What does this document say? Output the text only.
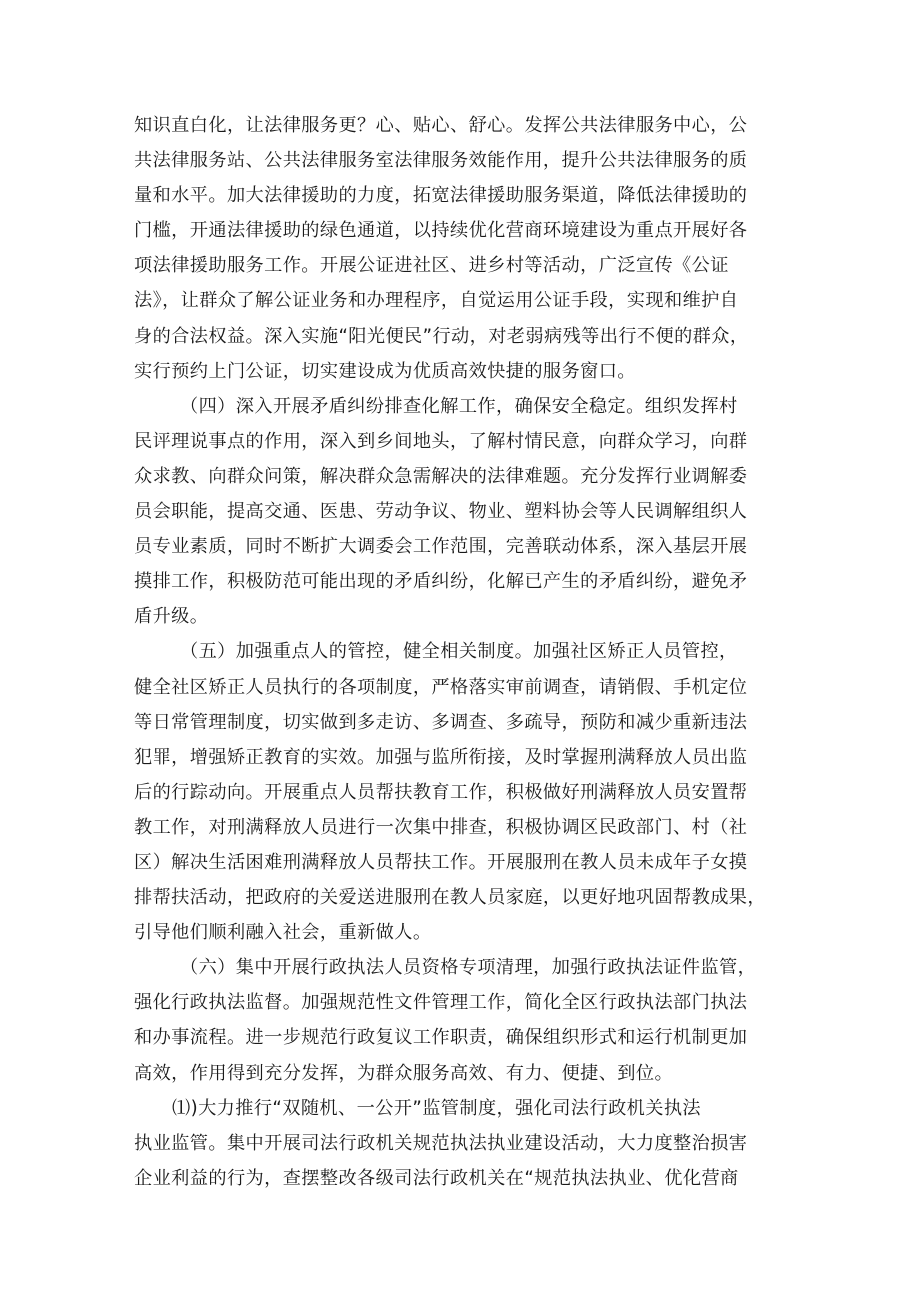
知识直白化，让法律服务更？心、贴心、舒心。发挥公共法律服务中心，公
共法律服务站、公共法律服务室法律服务效能作用，提升公共法律服务的质
量和水平。加大法律援助的力度，拓宽法律援助服务渠道，降低法律援助的
门槛，开通法律援助的绿色通道，以持续优化营商环境建设为重点开展好各
项法律援助服务工作。开展公证进社区、进乡村等活动，广泛宣传《公证
法》，让群众了解公证业务和办理程序，自觉运用公证手段，实现和维护自
身的合法权益。深入实施“阳光便民”行动，对老弱病残等出行不便的群众，
实行预约上门公证，切实建设成为优质高效快捷的服务窗口。
（四）深入开展矛盾纠纷排查化解工作，确保安全稳定。组织发挥村
民评理说事点的作用，深入到乡间地头，了解村情民意，向群众学习，向群
众求教、向群众问策，解决群众急需解决的法律难题。充分发挥行业调解委
员会职能，提高交通、医患、劳动争议、物业、塑料协会等人民调解组织人
员专业素质，同时不断扩大调委会工作范围，完善联动体系，深入基层开展
摸排工作，积极防范可能出现的矛盾纠纷，化解已产生的矛盾纠纷，避免矛
盾升级。
（五）加强重点人的管控，健全相关制度。加强社区矫正人员管控，
健全社区矫正人员执行的各项制度，严格落实审前调查，请销假、手机定位
等日常管理制度，切实做到多走访、多调查、多疏导，预防和减少重新违法
犯罪，增强矫正教育的实效。加强与监所衔接，及时掌握刑满释放人员出监
后的行踪动向。开展重点人员帮扶教育工作，积极做好刑满释放人员安置帮
教工作，对刑满释放人员进行一次集中排查，积极协调区民政部门、村（社
区）解决生活困难刑满释放人员帮扶工作。开展服刑在教人员未成年子女摸
排帮扶活动，把政府的关爱送进服刑在教人员家庭，以更好地巩固帮教成果，
引导他们顺利融入社会，重新做人。
（六）集中开展行政执法人员资格专项清理，加强行政执法证件监管，
强化行政执法监督。加强规范性文件管理工作，简化全区行政执法部门执法
和办事流程。进一步规范行政复议工作职责，确保组织形式和运行机制更加
高效，作用得到充分发挥，为群众服务高效、有力、便捷、到位。
⑴)大力推行“双随机、一公开”监管制度，强化司法行政机关执法
执业监管。集中开展司法行政机关规范执法执业建设活动，大力度整治损害
企业利益的行为，查摆整改各级司法行政机关在“规范执法执业、优化营商
